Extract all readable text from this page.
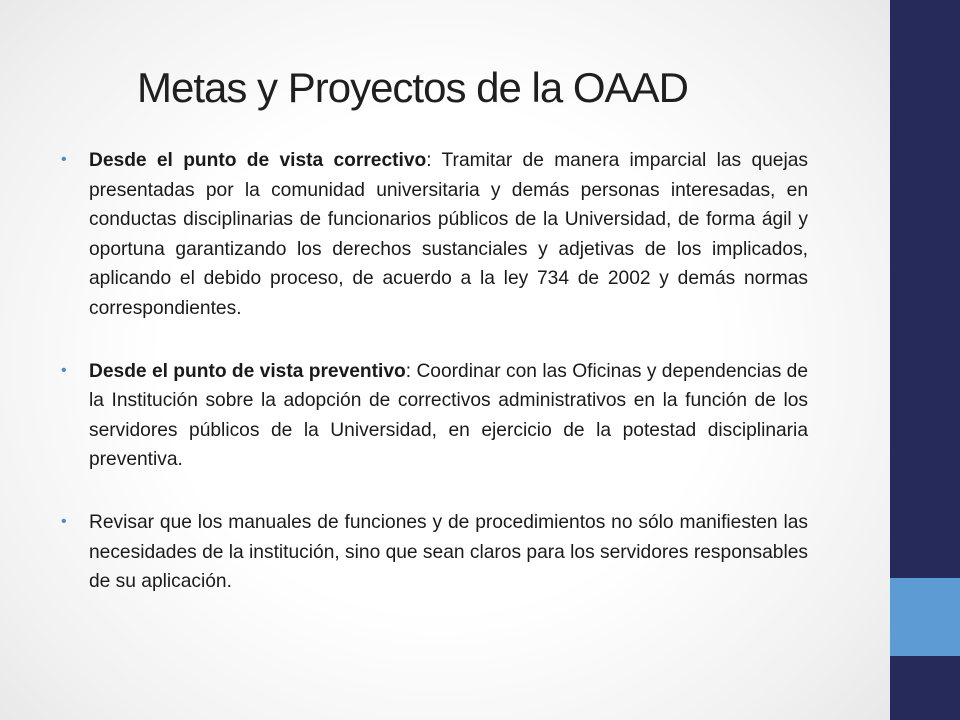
Metas y Proyectos de la OAAD
• Desde el punto de vista correctivo: Tramitar de manera imparcial las quejas presentadas por la comunidad universitaria y demás personas interesadas, en conductas disciplinarias de funcionarios públicos de la Universidad, de forma ágil y oportuna garantizando los derechos sustanciales y adjetivas de los implicados, aplicando el debido proceso, de acuerdo a la ley 734 de 2002 y demás normas correspondientes.
• Desde el punto de vista preventivo: Coordinar con las Oficinas y dependencias de la Institución sobre la adopción de correctivos administrativos en la función de los servidores públicos de la Universidad, en ejercicio de la potestad disciplinaria preventiva.
• Revisar que los manuales de funciones y de procedimientos no sólo manifiesten las necesidades de la institución, sino que sean claros para los servidores responsables de su aplicación.
